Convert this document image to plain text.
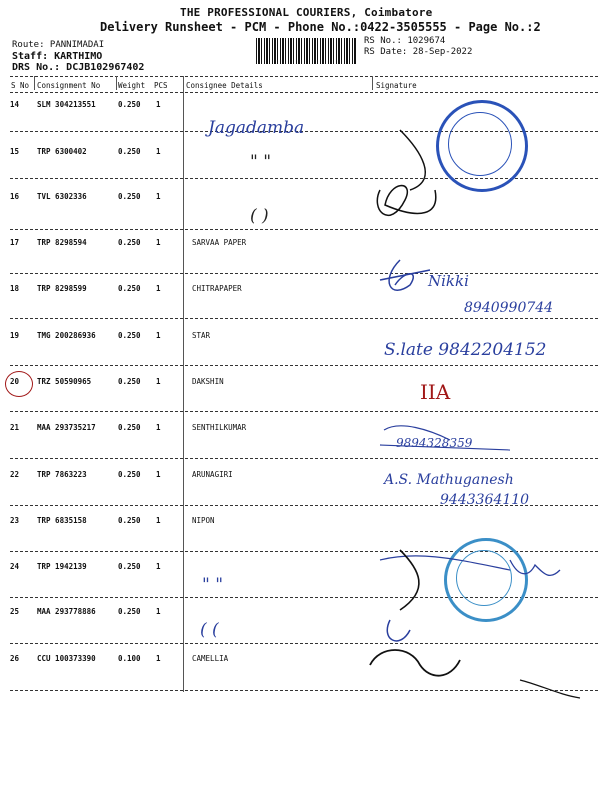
THE PROFESSIONAL COURIERS, Coimbatore
Delivery Runsheet - PCM - Phone No.:0422-3505555 - Page No.:2
Route: PANNIMADAI
Staff: KARTHIMO
DRS No.: DCJB102967402
RS No.: 1029674
RS Date: 28-Sep-2022
S No Consignment No Weight PCS Consignee Details	Signature
14 SLM 304213551	0.250 1
15 TRP 6300402	0.250 1
16 TVL 6302336	0.250 1
17 TRP 8298594	0.250 1	SARVAA PAPER
18 TRP 8298599	0.250 1	CHITRAPAPER
19 TMG 200286936	0.250 1	STAR
20 TRZ 50590965	0.250 1	DAKSHIN
21 MAA 293735217	0.250 1	SENTHILKUMAR
22 TRP 7863223	0.250 1	ARUNAGIRI
23 TRP 6835158	0.250 1	NIPON
24 TRP 1942139	0.250 1
25 MAA 293778886	0.250 1
26 CCU 100373390	0.100 1	CAMELLIA
Jagadamba
" "
( )
Nikki
8940990744
S.late 9842204152
IIA
9894328359
A.S. Mathuganesh
9443364110
" "
( (
